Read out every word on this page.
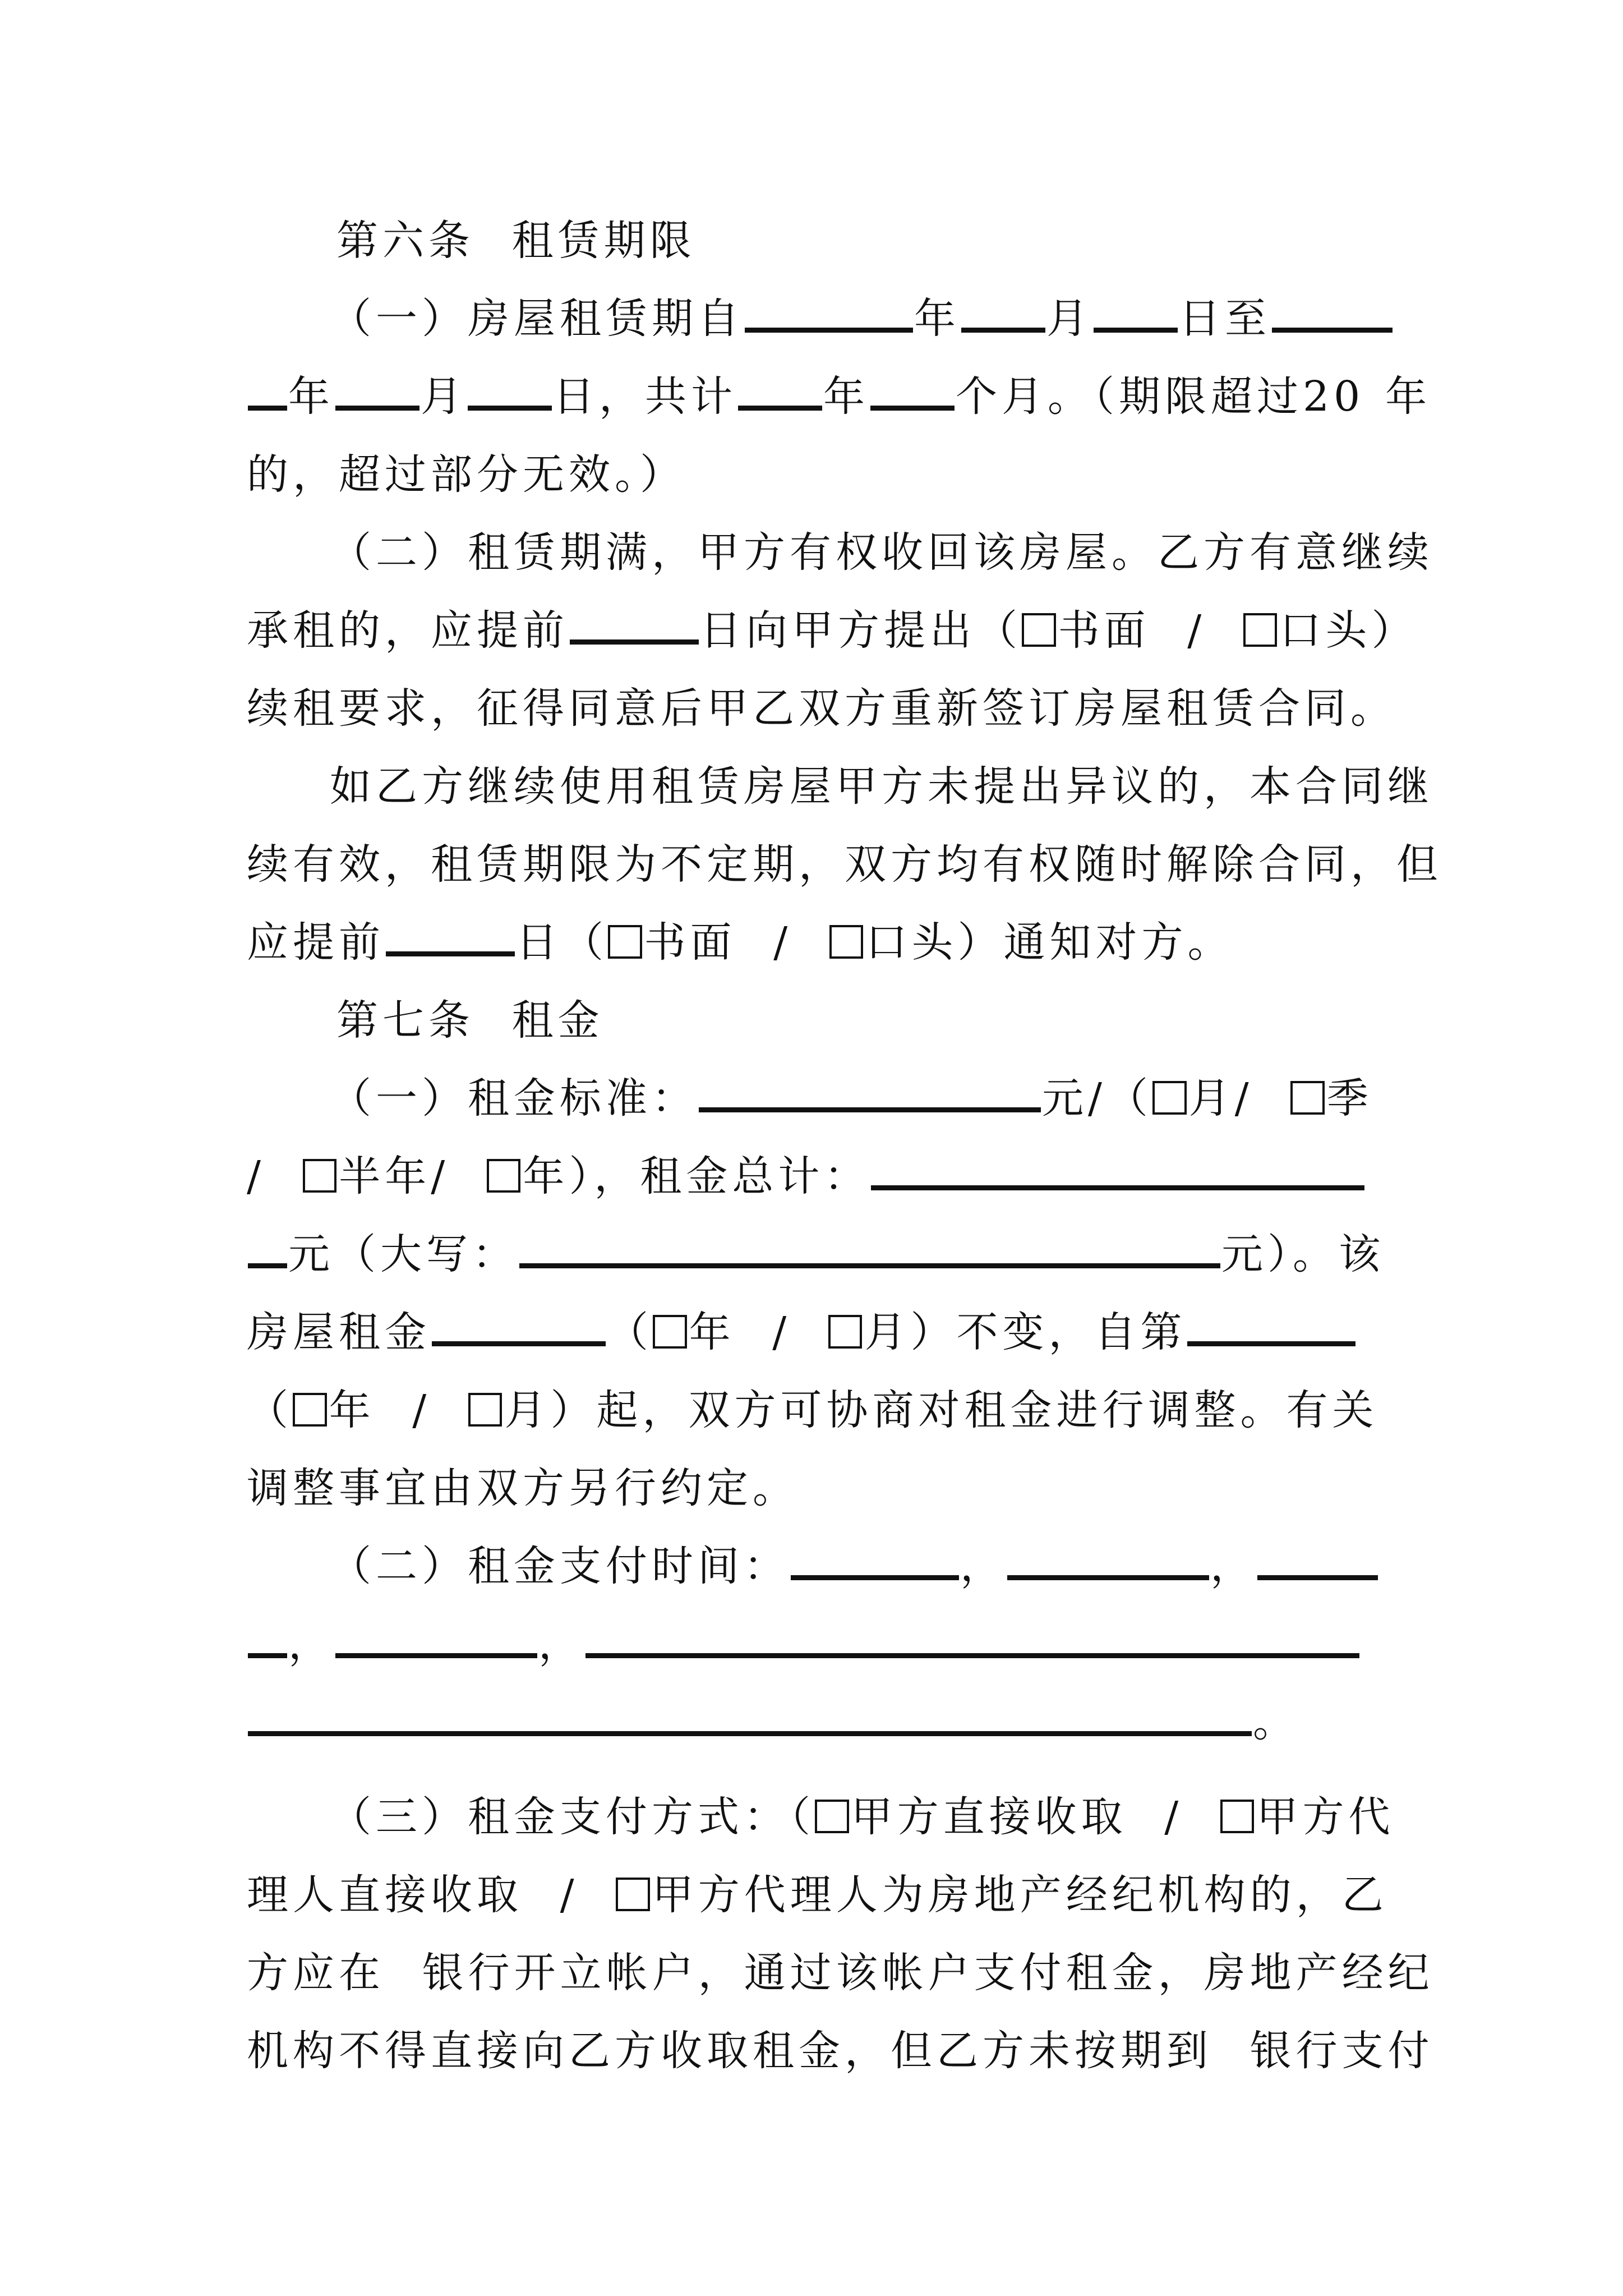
第六条 租赁期限
（一）房屋租赁期自	年 月 日至
年 月 日，共计 年 个月。（期限超过20 年
的，超过部分无效。）
（二）租赁期满，甲方有权收回该房屋。乙方有意继续
承租的，应提前	日向甲方提出（ 书面 / 口头）
续租要求，征得同意后甲乙双方重新签订房屋租赁合同。
如乙方继续使用租赁房屋甲方未提出异议的，本合同继
续有效，租赁期限为不定期，双方均有权随时解除合同，但
应提前	日（ 书面 / 口头）通知对方。
第七条 租金
（一）租金标准：	元/（ 月/ 季
/ 半年/ 年），租金总计：
元（大写：	元）。该
房屋租金	（ 年 / 月）不变，自第
（ 年 / 月）起，双方可协商对租金进行调整。有关
调整事宜由双方另行约定。
（二）租金支付时间：	，	，
，	，
。
（三）租金支付方式：（ 甲方直接收取 / 甲方代
理人直接收取 / 甲方代理人为房地产经纪机构的，乙
方应在 银行开立帐户，通过该帐户支付租金，房地产经纪
机构不得直接向乙方收取租金，但乙方未按期到 银行支付
